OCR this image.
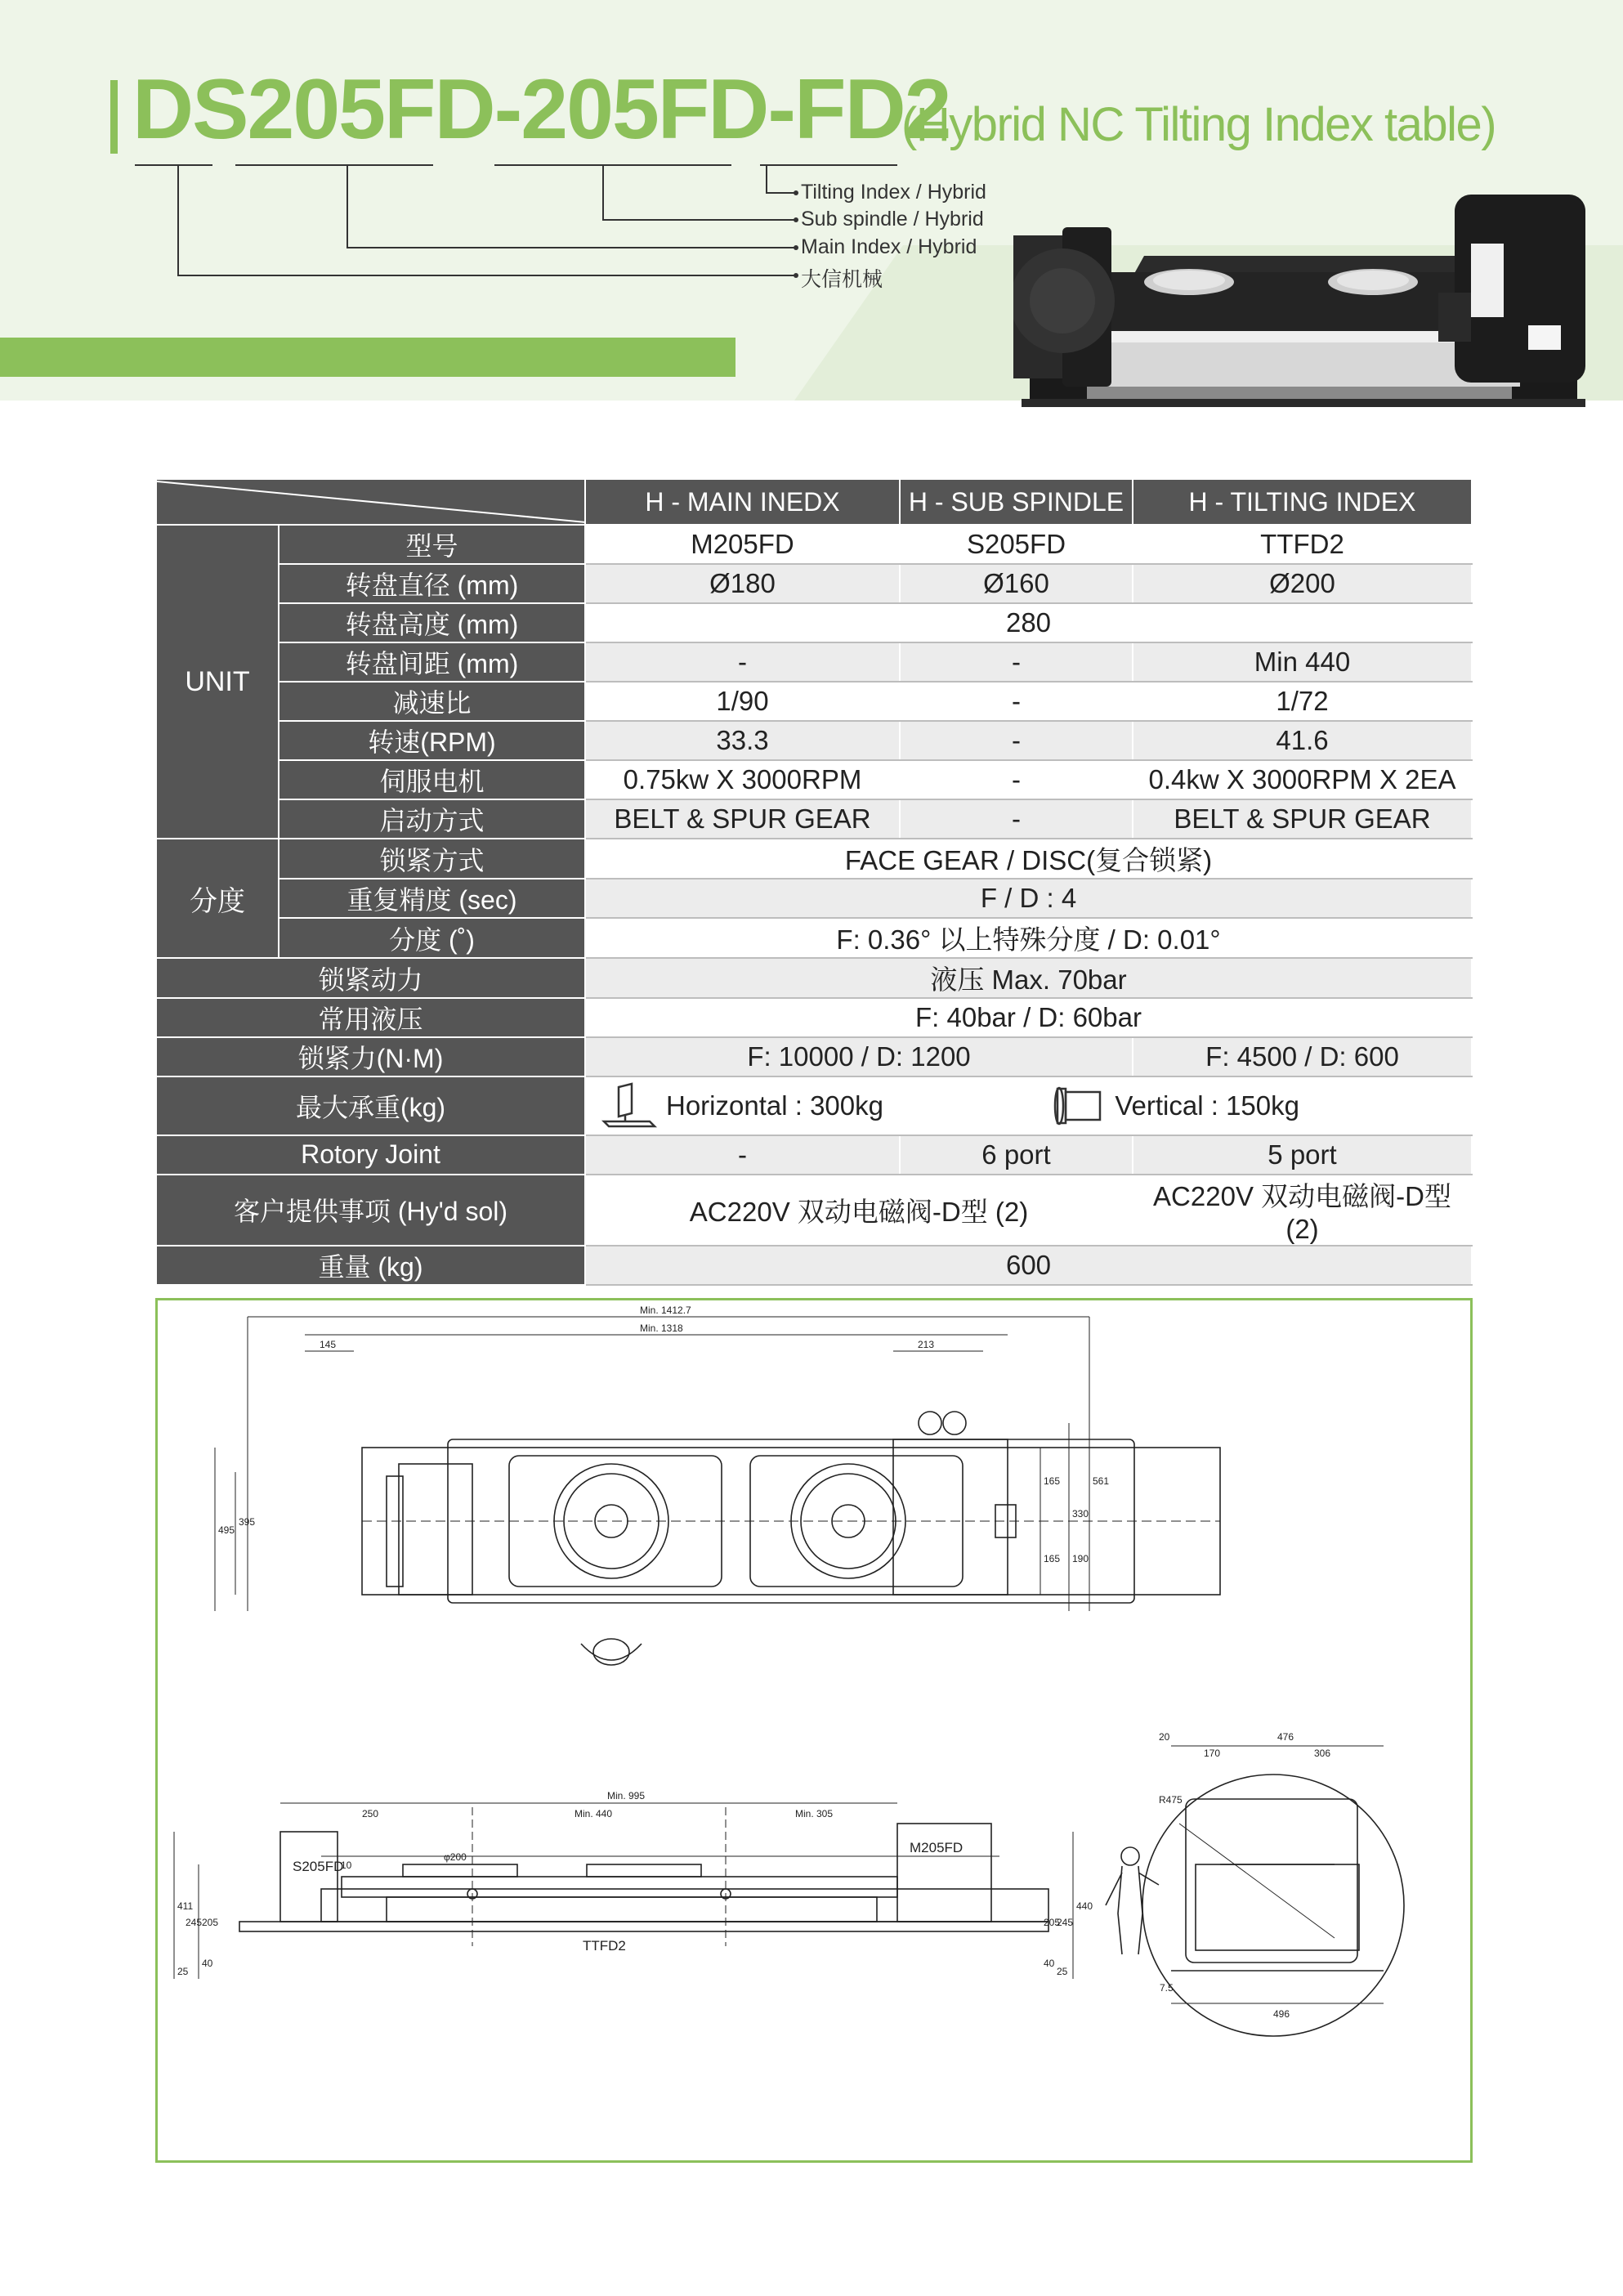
DS205FD-205FD-FD2
(Hybrid NC Tilting Index table)
Tilting Index / Hybrid
Sub spindle / Hybrid
Main Index / Hybrid
大信机械
	H - MAIN INEDX	H - SUB SPINDLE	H - TILTING INDEX
UNIT	型号	M205FD	S205FD	TTFD2
	转盘直径 (mm)	Ø180	Ø160	Ø200
	转盘高度 (mm)	280		
	转盘间距 (mm)	-	-	Min 440
	减速比	1/90	-	1/72
	转速(RPM)	33.3	-	41.6
	伺服电机	0.75kw X 3000RPM	-	0.4kw X 3000RPM X 2EA
	启动方式	BELT & SPUR GEAR	-	BELT & SPUR GEAR
分度	锁紧方式	FACE GEAR / DISC(复合锁紧)		
	重复精度 (sec)	F / D : 4		
	分度 (˚)	F: 0.36° 以上特殊分度 / D: 0.01°		
锁紧动力		液压 Max. 70bar		
常用液压		F: 40bar / D: 60bar		
锁紧力(N·M)		F: 10000 / D: 1200		F: 4500 / D: 600
最大承重(kg)		Horizontal : 300kg Vertical : 150kg		

Rotory Joint		-	6 port	5 port
客户提供事项 (Hy'd sol)		AC220V 双动电磁阀-D型 (2)		AC220V 双动电磁阀-D型 (2)
重量 (kg)		600		
Min. 1412.7
Min. 1318
145	213
495
395
165
330
561
165 190
S205FD
M205FD
TTFD2
Min. 995
250	Min. 440	Min. 305
φ200
10
411
245 205
40
25
205
245
440
40
25
20	476
170	306
R475
7.5
496
